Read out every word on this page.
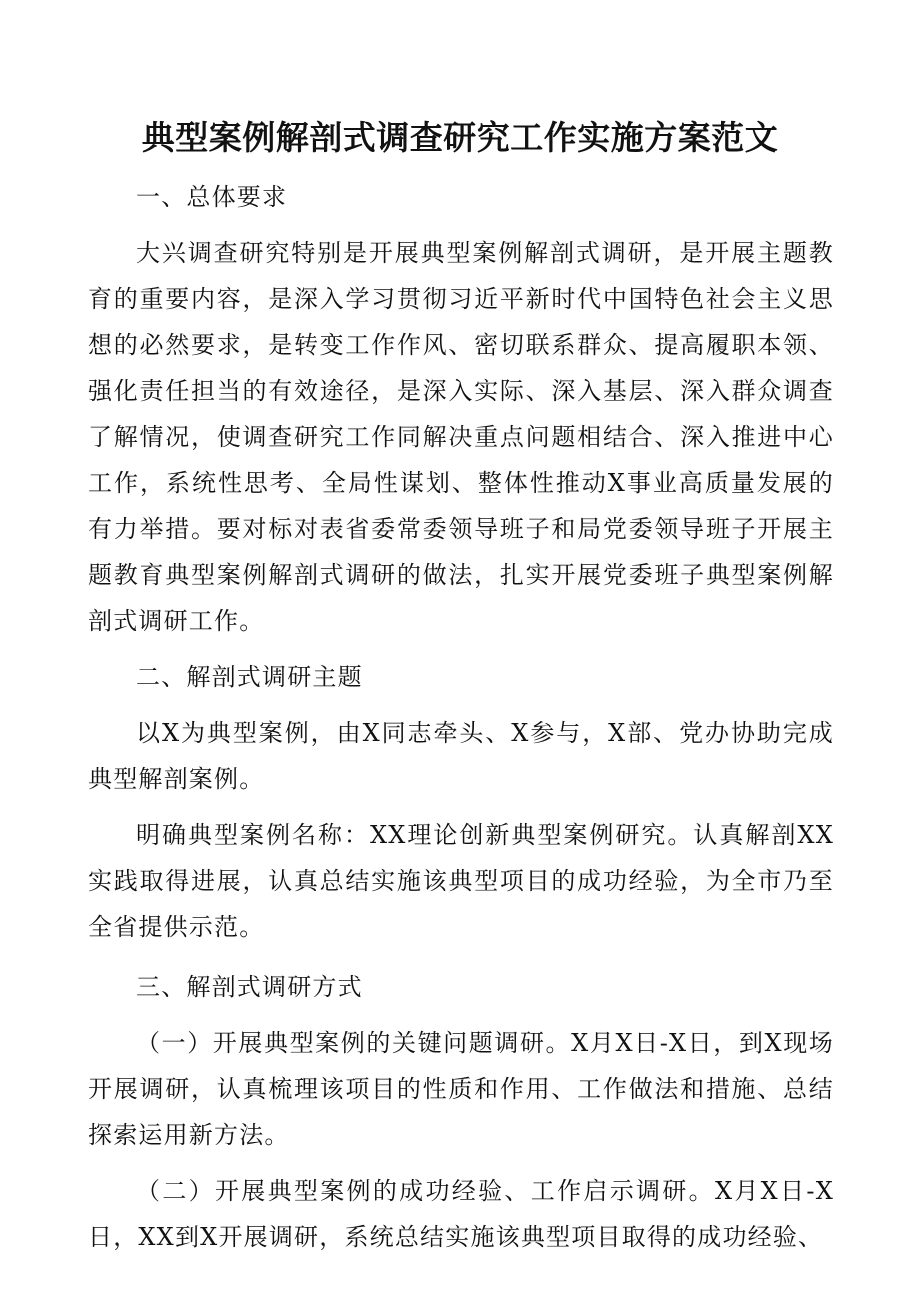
典型案例解剖式调查研究工作实施方案范文

一、总体要求

大兴调查研究特别是开展典型案例解剖式调研，是开展主题教育的重要内容，是深入学习贯彻习近平新时代中国特色社会主义思想的必然要求，是转变工作作风、密切联系群众、提高履职本领、强化责任担当的有效途径，是深入实际、深入基层、深入群众调查了解情况，使调查研究工作同解决重点问题相结合、深入推进中心工作，系统性思考、全局性谋划、整体性推动X事业高质量发展的有力举措。要对标对表省委常委领导班子和局党委领导班子开展主题教育典型案例解剖式调研的做法，扎实开展党委班子典型案例解剖式调研工作。

二、解剖式调研主题

以X为典型案例，由X同志牵头、X参与，X部、党办协助完成典型解剖案例。

明确典型案例名称：XX理论创新典型案例研究。认真解剖XX实践取得进展，认真总结实施该典型项目的成功经验，为全市乃至全省提供示范。

三、解剖式调研方式

（一）开展典型案例的关键问题调研。X月X日-X日，到X现场开展调研，认真梳理该项目的性质和作用、工作做法和措施、总结探索运用新方法。

（二）开展典型案例的成功经验、工作启示调研。X月X日-X日，XX到X开展调研，系统总结实施该典型项目取得的成功经验、
